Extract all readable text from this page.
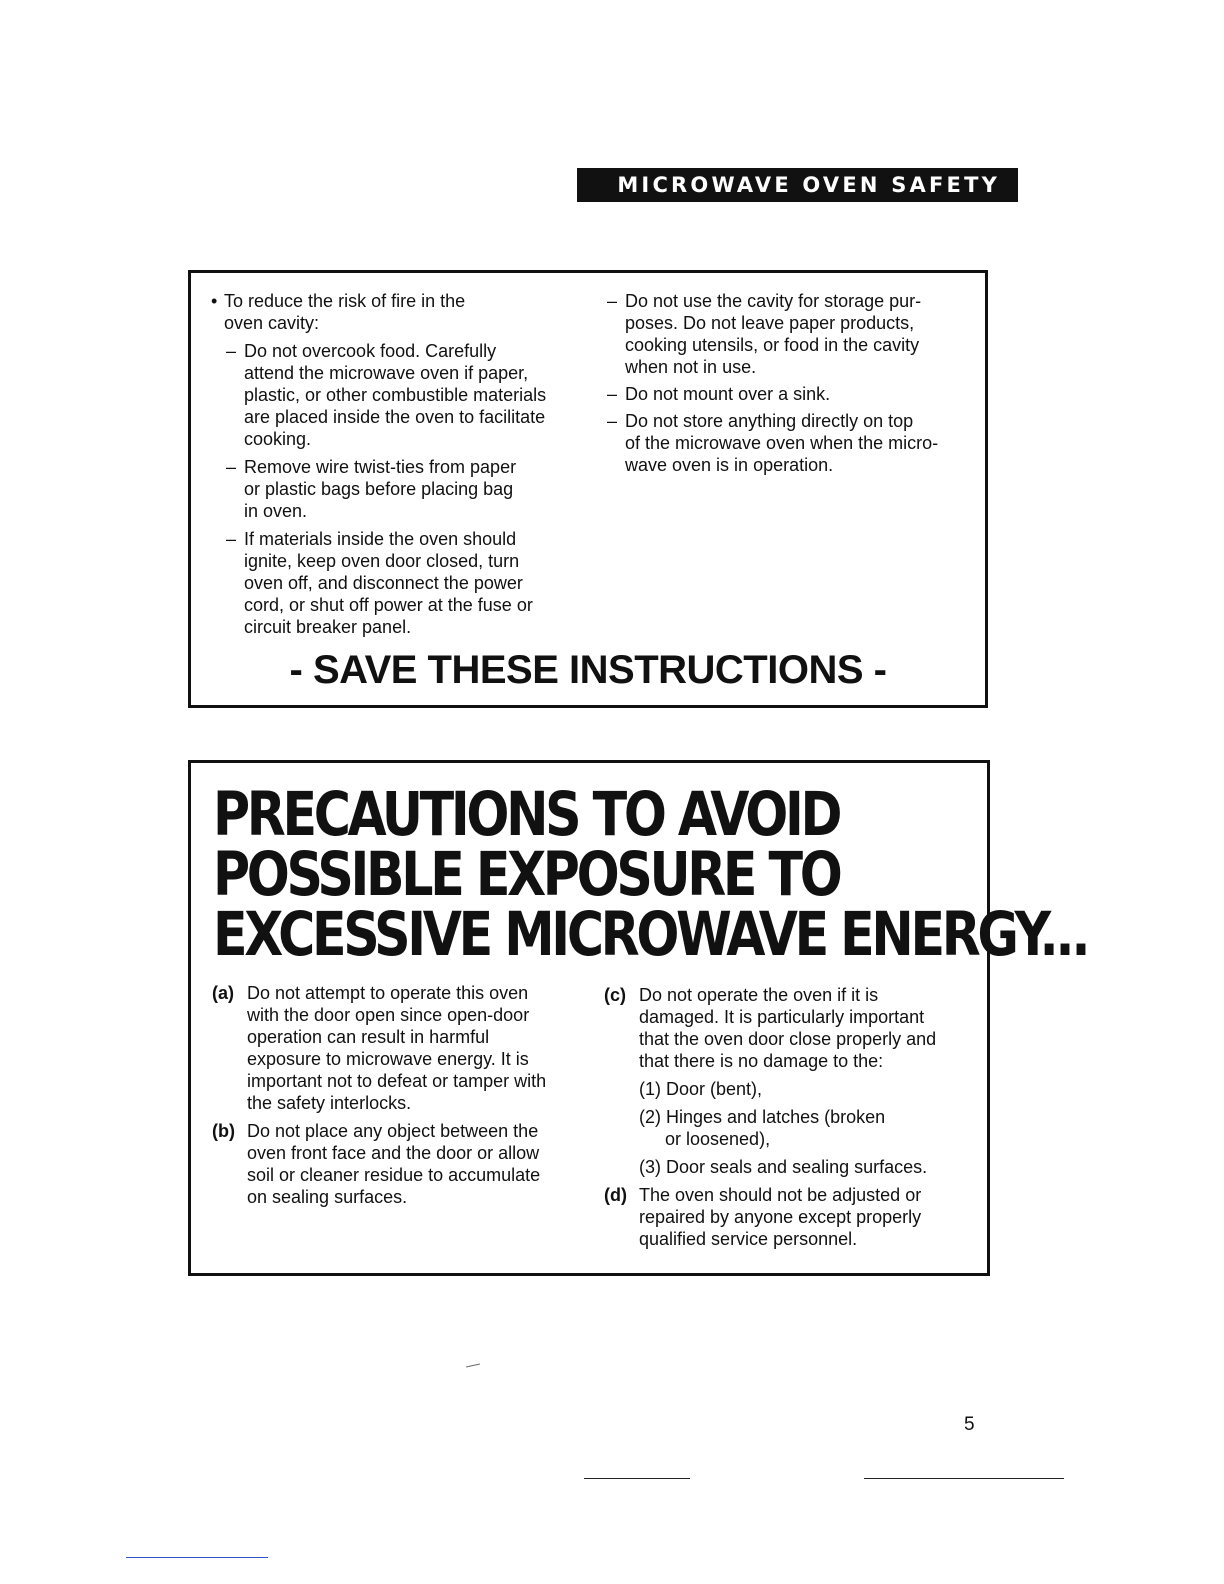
MICROWAVE OVEN SAFETY

• To reduce the risk of fire in the
oven cavity:

– Do not overcook food. Carefully
attend the microwave oven if paper,
plastic, or other combustible materials
are placed inside the oven to facilitate
cooking.

– Remove wire twist-ties from paper
or plastic bags before placing bag
in oven.

– If materials inside the oven should
ignite, keep oven door closed, turn
oven off, and disconnect the power
cord, or shut off power at the fuse or
circuit breaker panel.

– Do not use the cavity for storage pur-
poses. Do not leave paper products,
cooking utensils, or food in the cavity
when not in use.

– Do not mount over a sink.

– Do not store anything directly on top
of the microwave oven when the micro-
wave oven is in operation.

- SAVE THESE INSTRUCTIONS -
PRECAUTIONS TO AVOID
POSSIBLE EXPOSURE TO
EXCESSIVE MICROWAVE ENERGY...

(a) Do not attempt to operate this oven
with the door open since open-door
operation can result in harmful
exposure to microwave energy. It is
important not to defeat or tamper with
the safety interlocks.

(b) Do not place any object between the
oven front face and the door or allow
soil or cleaner residue to accumulate
on sealing surfaces.

(c) Do not operate the oven if it is
damaged. It is particularly important
that the oven door close properly and
that there is no damage to the:

(1) Door (bent),

(2) Hinges and latches (broken
or loosened),

(3) Door seals and sealing surfaces.

(d) The oven should not be adjusted or
repaired by anyone except properly
qualified service personnel.

5
